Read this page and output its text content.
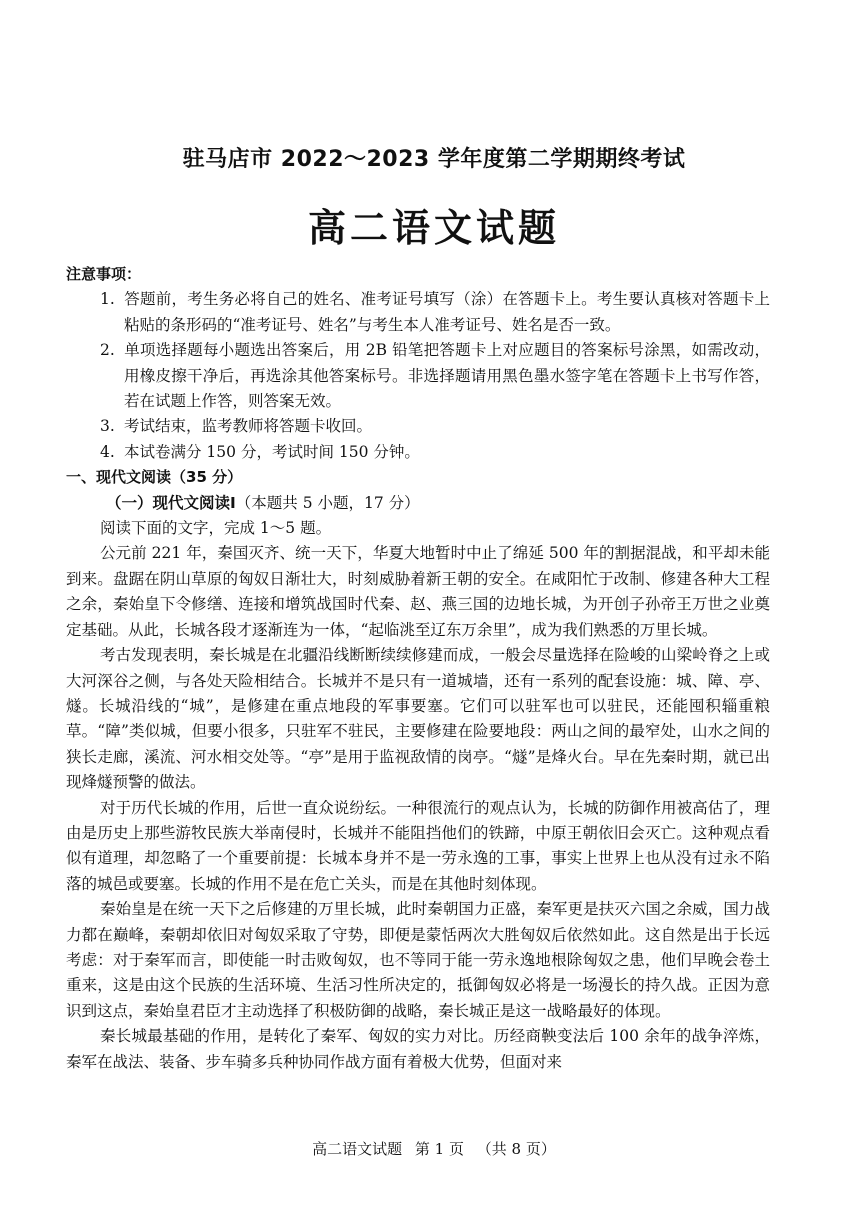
驻马店市 2022～2023 学年度第二学期期终考试
高二语文试题
注意事项：
1. 答题前，考生务必将自己的姓名、准考证号填写（涂）在答题卡上。考生要认真核对答题卡上粘贴的条形码的“准考证号、姓名”与考生本人准考证号、姓名是否一致。
2. 单项选择题每小题选出答案后，用 2B 铅笔把答题卡上对应题目的答案标号涂黑，如需改动，用橡皮擦干净后，再选涂其他答案标号。非选择题请用黑色墨水签字笔在答题卡上书写作答，若在试题上作答，则答案无效。
3. 考试结束，监考教师将答题卡收回。
4. 本试卷满分 150 分，考试时间 150 分钟。
一、现代文阅读（35 分）
（一）现代文阅读Ⅰ（本题共 5 小题，17 分）
阅读下面的文字，完成 1～5 题。
公元前 221 年，秦国灭齐、统一天下，华夏大地暂时中止了绵延 500 年的割据混战，和平却未能到来。盘踞在阴山草原的匈奴日渐壮大，时刻威胁着新王朝的安全。在咸阳忙于改制、修建各种大工程之余，秦始皇下令修缮、连接和增筑战国时代秦、赵、燕三国的边地长城，为开创子孙帝王万世之业奠定基础。从此，长城各段才逐渐连为一体，“起临洮至辽东万余里”，成为我们熟悉的万里长城。
考古发现表明，秦长城是在北疆沿线断断续续修建而成，一般会尽量选择在险峻的山梁岭脊之上或大河深谷之侧，与各处天险相结合。长城并不是只有一道城墙，还有一系列的配套设施：城、障、亭、燧。长城沿线的“城”，是修建在重点地段的军事要塞。它们可以驻军也可以驻民，还能囤积辎重粮草。“障”类似城，但要小很多，只驻军不驻民，主要修建在险要地段：两山之间的最窄处，山水之间的狭长走廊，溪流、河水相交处等。“亭”是用于监视敌情的岗亭。“燧”是烽火台。早在先秦时期，就已出现烽燧预警的做法。
对于历代长城的作用，后世一直众说纷纭。一种很流行的观点认为，长城的防御作用被高估了，理由是历史上那些游牧民族大举南侵时，长城并不能阻挡他们的铁蹄，中原王朝依旧会灭亡。这种观点看似有道理，却忽略了一个重要前提：长城本身并不是一劳永逸的工事，事实上世界上也从没有过永不陷落的城邑或要塞。长城的作用不是在危亡关头，而是在其他时刻体现。
秦始皇是在统一天下之后修建的万里长城，此时秦朝国力正盛，秦军更是扶灭六国之余威，国力战力都在巅峰，秦朝却依旧对匈奴采取了守势，即便是蒙恬两次大胜匈奴后依然如此。这自然是出于长远考虑：对于秦军而言，即使能一时击败匈奴，也不等同于能一劳永逸地根除匈奴之患，他们早晚会卷土重来，这是由这个民族的生活环境、生活习性所决定的，抵御匈奴必将是一场漫长的持久战。正因为意识到这点，秦始皇君臣才主动选择了积极防御的战略，秦长城正是这一战略最好的体现。
秦长城最基础的作用，是转化了秦军、匈奴的实力对比。历经商鞅变法后 100 余年的战争淬炼，秦军在战法、装备、步车骑多兵种协同作战方面有着极大优势，但面对来
高二语文试题 第 1 页 （共 8 页）
